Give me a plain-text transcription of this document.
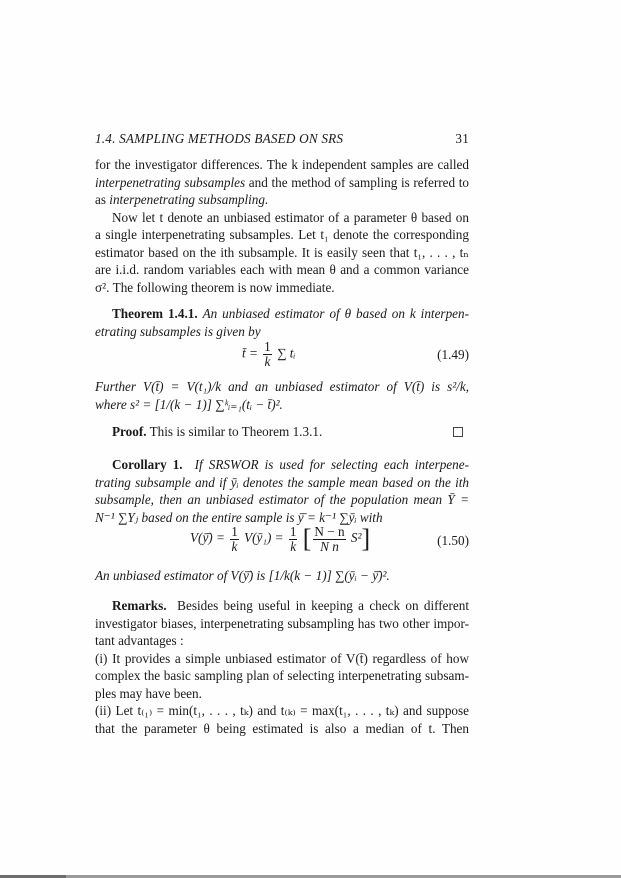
1.4. SAMPLING METHODS BASED ON SRS	31
for the investigator differences. The k independent samples are called
interpenetrating subsamples and the method of sampling is referred to
as interpenetrating subsampling.
Now let t denote an unbiased estimator of a parameter θ based on
a single interpenetrating subsamples. Let t₁ denote the corresponding
estimator based on the ith subsample. It is easily seen that t₁, . . . , tₙ
are i.i.d. random variables each with mean θ and a common variance
σ². The following theorem is now immediate.
Theorem 1.4.1. An unbiased estimator of θ based on k interpen-
etrating subsamples is given by
t̄ = $\frac{1}{k}$ ∑ tᵢ	(1.49)
Further V(t̄) = V(t₁)/k and an unbiased estimator of V(t̄) is s²/k,
where s² = [1/(k − 1)] ∑ᵏᵢ₌₁(tᵢ − t̄)².
Proof. This is similar to Theorem 1.3.1.
Corollary 1. If SRSWOR is used for selecting each interpene-
trating subsample and if ȳᵢ denotes the sample mean based on the ith
subsample, then an unbiased estimator of the population mean Ȳ =
N⁻¹ ∑Yⱼ based on the entire sample is ȳ̄ = k⁻¹ ∑ȳᵢ with
V(ȳ̄) = $\frac{1}{k}$ V(ȳ₁) = $\frac{1}{k}$ [ $\frac{N - n}{\text{N n}} S^2$]	(1.50)
An unbiased estimator of V(ȳ̄) is [1/k(k − 1)] ∑(ȳᵢ − ȳ̄)².
Remarks. Besides being useful in keeping a check on different
investigator biases, interpenetrating subsampling has two other impor-
tant advantages :
(i) It provides a simple unbiased estimator of V(t̄) regardless of how
complex the basic sampling plan of selecting interpenetrating subsam-
ples may have been.
(ii) Let t₍₁₎ = min(t₁, . . . , tₖ) and t₍ₖ₎ = max(t₁, . . . , tₖ) and suppose
that the parameter θ being estimated is also a median of t. Then
